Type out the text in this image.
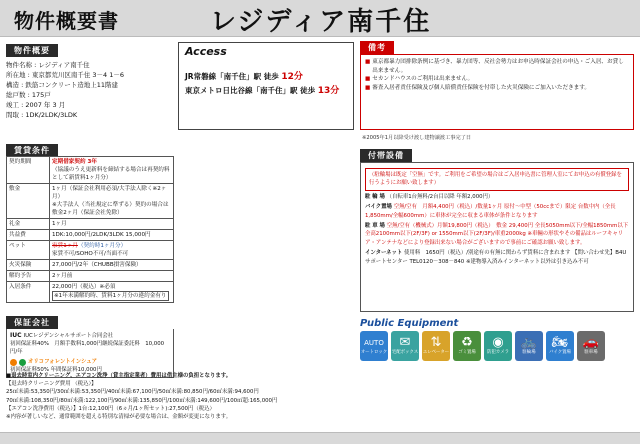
物件概要書	レジディア南千住
物件概要
物件名称 : レジディア南千住
所在地 : 東京都荒川区南千住 3－4 1－6
構造 : 鉄筋コンクリート造地上11階建
総戸数 : 175戸
竣工 : 2007 年 3 月
間取 : 1DK/2LDK/3LDK
賃貸条件
契約期間	定期借家契約 3年
（協議のうえ更新料を締結する場合は再契約料として新賃料1ヶ月分）
敷金	1ヶ月（保証会社利用必須/大手法人除く※2ヶ月）
※大手法人（当社規定に準ずる）契約の場合は
敷金2ヶ月（保証会社免除）
礼金	1ヶ月
共益費	1DK:10,000円/2LDK/3LDK 15,000円
ペット	家賃1ヶ月（契約時1ヶ月分）
家賃不可/SOHO不可/当面不可
火災保険	27,000円/2年（CHUBB損害保険）
解約予告	2ヶ月前
入居条件	22,000円（税込）※必須
※1年未満解約時、賃料1ヶ月分の違約金有り
保証会社
IUC IUCレジデンシャルサポート合同会社
初回保証料40%　月額手数料1,000円継続保証委託料　10,000円/年
オリコフォレントインシュア
初回保証料50% 年間保証料10,000円
Access
JR常磐線「南千住」駅 徒歩 12分
東京メトロ日比谷線「南千住」駅 徒歩 13分
備考
■ 東京都暴力団排除条例に基づき、暴力団等、反社会勢力はお申込時保証会社の申込・ご入居、お貸し出来ません。
■ セカンドハウスのご利用は出来ません。
■ 審査入居者責任保険及び個人賠償責任保険を付帯した火災保険にご加入いただきます。
※2005年1月以降受け渡し建物譲渡工事完了日
付帯設備
（駐輪場は既定「空無」です。ご利用をご希望の場合はご入居申込書に管理人室にてお申込の有償登録を行うようにお願い致します）
駐 輪 場 （自転車1台無料/2台目以降 年額2,000円）
バイク置場 空無/空有　月額4,400円（税込）/数量1ヶ月 原付～中型（50ccまで）限定 台数中内（全長1,850mm/全幅600mm）に車体が完全に収まる車体が条件となります
駐 車 場 空無/空有（機械式）月額19,800円（税込）　敷金 29,400円 全長5050mm以下/全幅1850mm以下 全高2100mm以下(2F/3F) or 1550mm以下(2F/3F)/車重2000kg ※車輛の形状やその備品はルーフキャリア・アンテナなどにより登録出来ない場合がございますので事前にご確認お願い致します。
インターネット 使用料　1650円（税込）/別途有の有無に関わらず賃料に含まれます 【問い合わせ先】B4Uサポートセンター TEL0120－308－840 ※建物導入済みインターネット以外は引き込み不可
Public Equipment
AUTO
オートロック
✉
宅配ボックス
⇅
エレベーター
♻
ゴミ置場
◉
防犯カメラ
🚲
駐輪場
🏍
バイク置場
🚗
駐車場
■退去時室内クリーニング、エアコン洗浄（貸主指定業者）費用は借主様の負担となります。
【退去時クリーニング費用 （税込）】
25㎡未満:53,350円/30㎡未満:53,350円/40㎡未満:67,100円/50㎡未満:80,850円/60㎡未満:94,600円
70㎡未満:108,350円/80㎡未満:122,100円/90㎡未満:135,850円/100㎡未満:149,600円/100㎡超:165,000円
【エアコン洗浄費用（税込）】1台:12,100円（6ヵ月/1ヶ所セット):27,500円（税込）
※内容が著しいなど、通常範囲を超える特別な清掃が必要な場合は、金額が変更になります。
